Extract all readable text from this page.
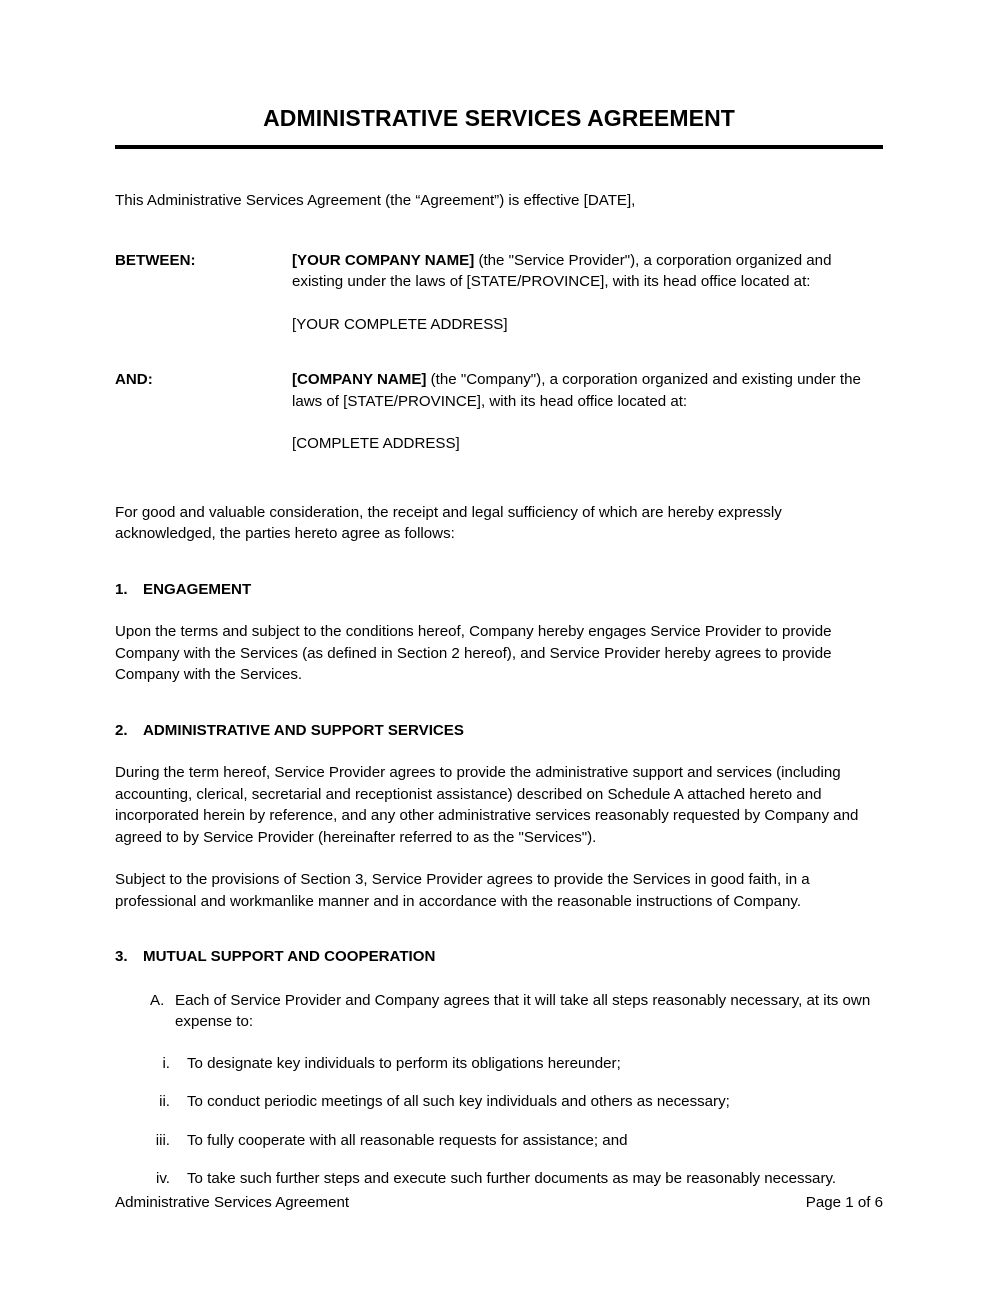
ADMINISTRATIVE SERVICES AGREEMENT

This Administrative Services Agreement (the “Agreement”) is effective [DATE],

BETWEEN:	[YOUR COMPANY NAME] (the "Service Provider"), a corporation organized and existing under the laws of [STATE/PROVINCE], with its head office located at:
[YOUR COMPLETE ADDRESS]
AND:	[COMPANY NAME] (the "Company"), a corporation organized and existing under the laws of [STATE/PROVINCE], with its head office located at:
[COMPLETE ADDRESS]

For good and valuable consideration, the receipt and legal sufficiency of which are hereby expressly acknowledged, the parties hereto agree as follows:

1.	ENGAGEMENT

Upon the terms and subject to the conditions hereof, Company hereby engages Service Provider to provide Company with the Services (as defined in Section 2 hereof), and Service Provider hereby agrees to provide Company with the Services.

2.	ADMINISTRATIVE AND SUPPORT SERVICES

During the term hereof, Service Provider agrees to provide the administrative support and services (including accounting, clerical, secretarial and receptionist assistance) described on Schedule A attached hereto and incorporated herein by reference, and any other administrative services reasonably requested by Company and agreed to by Service Provider (hereinafter referred to as the "Services").

Subject to the provisions of Section 3, Service Provider agrees to provide the Services in good faith, in a professional and workmanlike manner and in accordance with the reasonable instructions of Company.

3.	MUTUAL SUPPORT AND COOPERATION
A. Each of Service Provider and Company agrees that it will take all steps reasonably necessary, at its own expense to:
i.	To designate key individuals to perform its obligations hereunder;
ii.	To conduct periodic meetings of all such key individuals and others as necessary;
iii.	To fully cooperate with all reasonable requests for assistance; and
iv.	To take such further steps and execute such further documents as may be reasonably necessary.
Administrative Services Agreement	Page 1 of 6
